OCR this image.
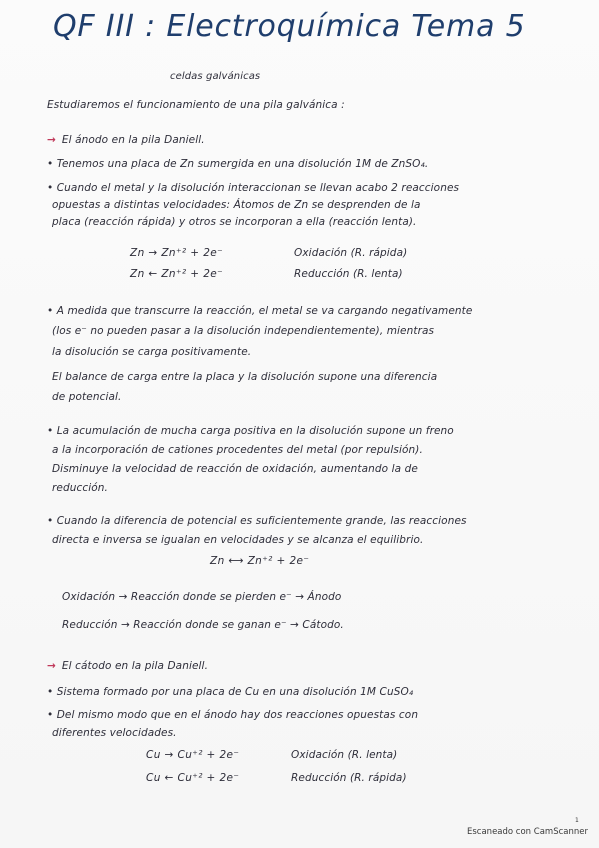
QF III : Electroquímica Tema 5
celdas galvánicas
Estudiaremos el funcionamiento de una pila galvánica :
→ El ánodo en la pila Daniell.
• Tenemos una placa de Zn sumergida en una disolución 1M de ZnSO₄.
• Cuando el metal y la disolución interaccionan se llevan acabo 2 reacciones
opuestas a distintas velocidades: Átomos de Zn se desprenden de la
placa (reacción rápida) y otros se incorporan a ella (reacción lenta).
Zn → Zn⁺² + 2e⁻	Oxidación (R. rápida)
Zn ← Zn⁺² + 2e⁻	Reducción (R. lenta)
• A medida que transcurre la reacción, el metal se va cargando negativamente
(los e⁻ no pueden pasar a la disolución independientemente), mientras
la disolución se carga positivamente.
El balance de carga entre la placa y la disolución supone una diferencia
de potencial.
• La acumulación de mucha carga positiva en la disolución supone un freno
a la incorporación de cationes procedentes del metal (por repulsión).
Disminuye la velocidad de reacción de oxidación, aumentando la de
reducción.
• Cuando la diferencia de potencial es suficientemente grande, las reacciones
directa e inversa se igualan en velocidades y se alcanza el equilibrio.
Zn ⟷ Zn⁺² + 2e⁻
Oxidación → Reacción donde se pierden e⁻ → Ánodo
Reducción → Reacción donde se ganan e⁻ → Cátodo.
→ El cátodo en la pila Daniell.
• Sistema formado por una placa de Cu en una disolución 1M CuSO₄
• Del mismo modo que en el ánodo hay dos reacciones opuestas con
diferentes velocidades.
Cu → Cu⁺² + 2e⁻	Oxidación (R. lenta)
Cu ← Cu⁺² + 2e⁻	Reducción (R. rápida)
1
Escaneado con CamScanner
